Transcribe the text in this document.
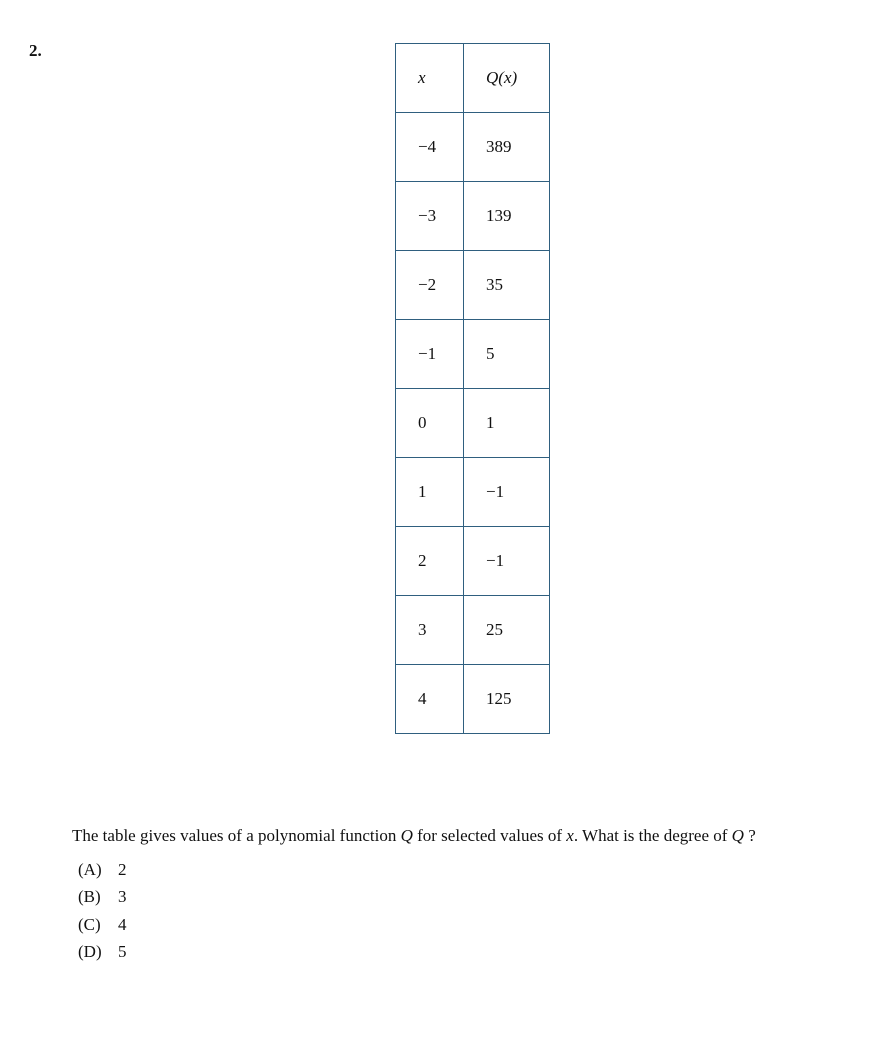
2.
x	Q(x)
−4	389
−3	139
−2	35
−1	5
0	1
1	−1
2	−1
3	25
4	125
The table gives values of a polynomial function Q for selected values of x. What is the degree of Q ?
(A) 2
(B)	3
(C)	4
(D) 5
